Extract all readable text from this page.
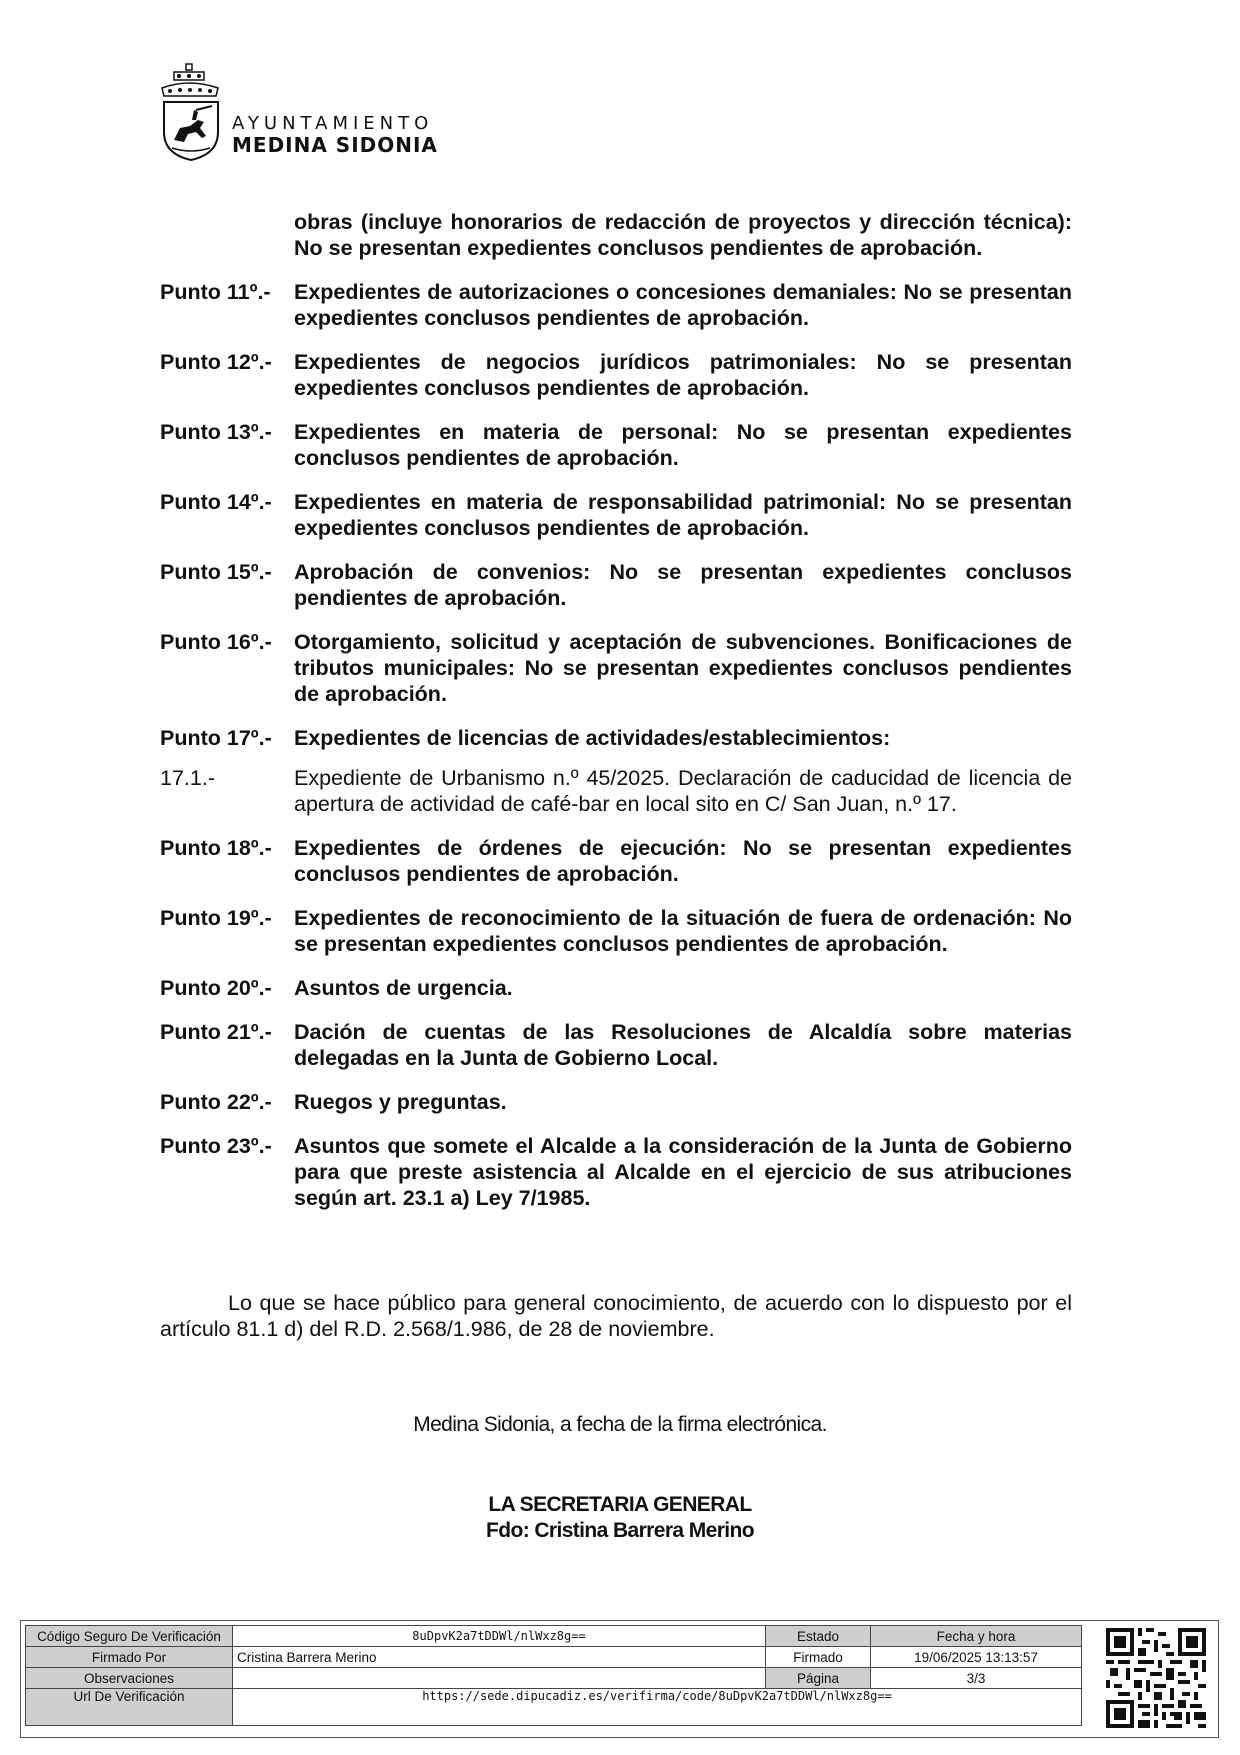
AYUNTAMIENTO
MEDINA SIDONIA
obras (incluye honorarios de redacción de proyectos y dirección técnica): No se presentan expedientes conclusos pendientes de aprobación.
Punto 11º.-	Expedientes de autorizaciones o concesiones demaniales: No se presentan expedientes conclusos pendientes de aprobación.
Punto 12º.-	Expedientes de negocios jurídicos patrimoniales: No se presentan expedientes conclusos pendientes de aprobación.
Punto 13º.-	Expedientes en materia de personal: No se presentan expedientes conclusos pendientes de aprobación.
Punto 14º.-	Expedientes en materia de responsabilidad patrimonial: No se presentan expedientes conclusos pendientes de aprobación.
Punto 15º.-	Aprobación de convenios: No se presentan expedientes conclusos pendientes de aprobación.
Punto 16º.-	Otorgamiento, solicitud y aceptación de subvenciones. Bonificaciones de tributos municipales: No se presentan expedientes conclusos pendientes de aprobación.
Punto 17º.-	Expedientes de licencias de actividades/establecimientos:
17.1.-	Expediente de Urbanismo n.º 45/2025. Declaración de caducidad de licencia de apertura de actividad de café-bar en local sito en C/ San Juan, n.º 17.
Punto 18º.-	Expedientes de órdenes de ejecución: No se presentan expedientes conclusos pendientes de aprobación.
Punto 19º.-	Expedientes de reconocimiento de la situación de fuera de ordenación: No se presentan expedientes conclusos pendientes de aprobación.
Punto 20º.-	Asuntos de urgencia.
Punto 21º.-	Dación de cuentas de las Resoluciones de Alcaldía sobre materias delegadas en la Junta de Gobierno Local.
Punto 22º.-	Ruegos y preguntas.
Punto 23º.-	Asuntos que somete el Alcalde a la consideración de la Junta de Gobierno para que preste asistencia al Alcalde en el ejercicio de sus atribuciones según art. 23.1 a) Ley 7/1985.
Lo que se hace público para general conocimiento, de acuerdo con lo dispuesto por el artículo 81.1 d) del R.D. 2.568/1.986, de 28 de noviembre.
Medina Sidonia, a fecha de la firma electrónica.
LA SECRETARIA GENERAL
Fdo: Cristina Barrera Merino
Código Seguro De Verificación	8uDpvK2a7tDDWl/nlWxz8g==	Estado	Fecha y hora
Firmado Por	Cristina Barrera Merino	Firmado	19/06/2025 13:13:57
Observaciones		Página	3/3
Url De Verificación	https://sede.dipucadiz.es/verifirma/code/8uDpvK2a7tDDWl/nlWxz8g==		
